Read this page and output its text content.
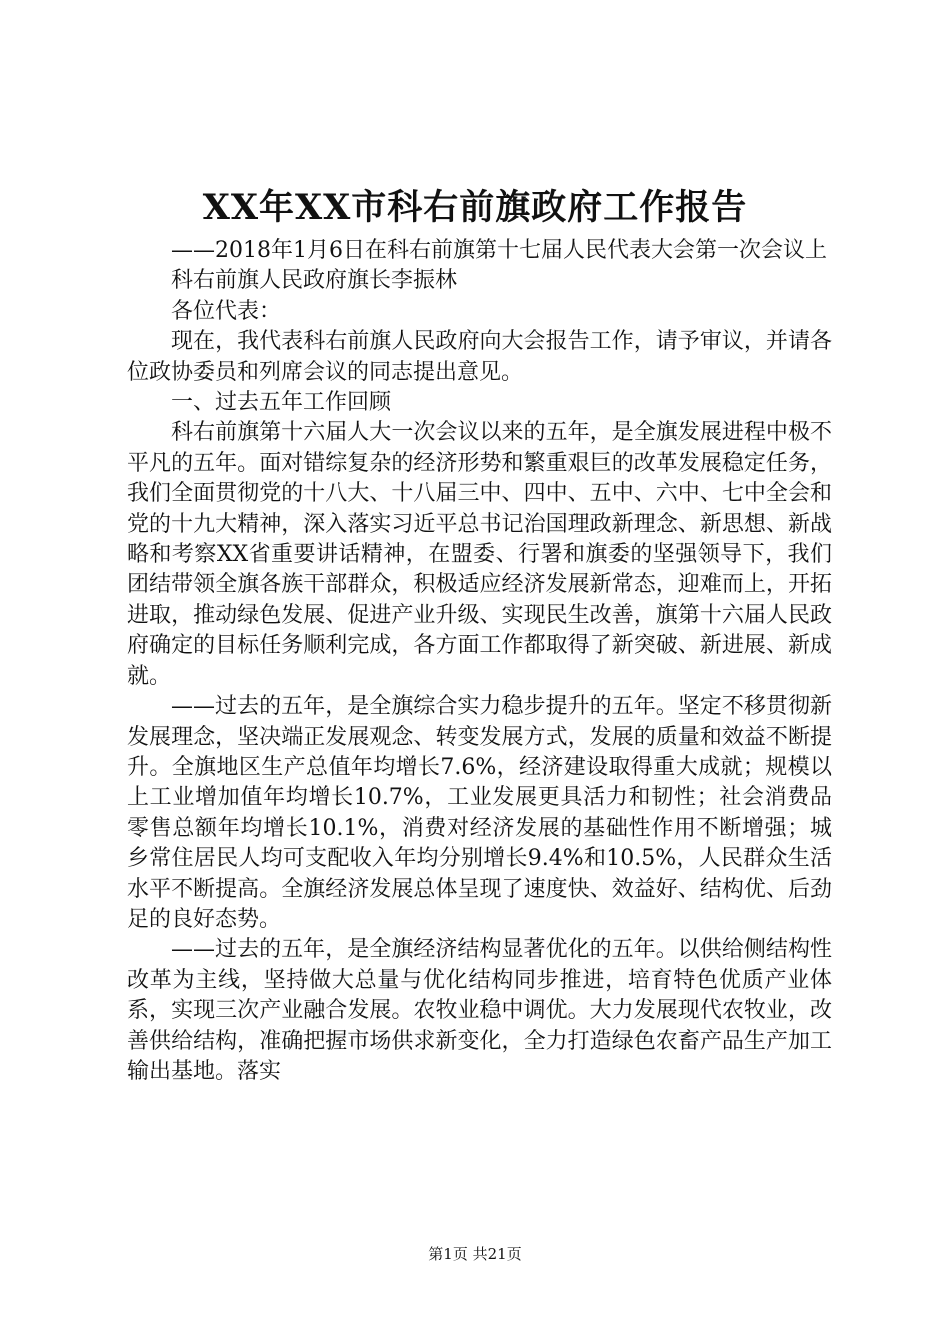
XX年XX市科右前旗政府工作报告

——2018年1月6日在科右前旗第十七届人民代表大会第一次会议上

科右前旗人民政府旗长李振林

各位代表：

现在，我代表科右前旗人民政府向大会报告工作，请予审议，并请各位政协委员和列席会议的同志提出意见。

一、过去五年工作回顾

科右前旗第十六届人大一次会议以来的五年，是全旗发展进程中极不平凡的五年。面对错综复杂的经济形势和繁重艰巨的改革发展稳定任务，我们全面贯彻党的十八大、十八届三中、四中、五中、六中、七中全会和党的十九大精神，深入落实习近平总书记治国理政新理念、新思想、新战略和考察XX省重要讲话精神，在盟委、行署和旗委的坚强领导下，我们团结带领全旗各族干部群众，积极适应经济发展新常态，迎难而上，开拓进取，推动绿色发展、促进产业升级、实现民生改善，旗第十六届人民政府确定的目标任务顺利完成，各方面工作都取得了新突破、新进展、新成就。

——过去的五年，是全旗综合实力稳步提升的五年。坚定不移贯彻新发展理念，坚决端正发展观念、转变发展方式，发展的质量和效益不断提升。全旗地区生产总值年均增长7.6%，经济建设取得重大成就；规模以上工业增加值年均增长10.7%，工业发展更具活力和韧性；社会消费品零售总额年均增长10.1%，消费对经济发展的基础性作用不断增强；城乡常住居民人均可支配收入年均分别增长9.4%和10.5%，人民群众生活水平不断提高。全旗经济发展总体呈现了速度快、效益好、结构优、后劲足的良好态势。

——过去的五年，是全旗经济结构显著优化的五年。以供给侧结构性改革为主线，坚持做大总量与优化结构同步推进，培育特色优质产业体系，实现三次产业融合发展。农牧业稳中调优。大力发展现代农牧业，改善供给结构，准确把握市场供求新变化，全力打造绿色农畜产品生产加工输出基地。落实

第1页 共21页
